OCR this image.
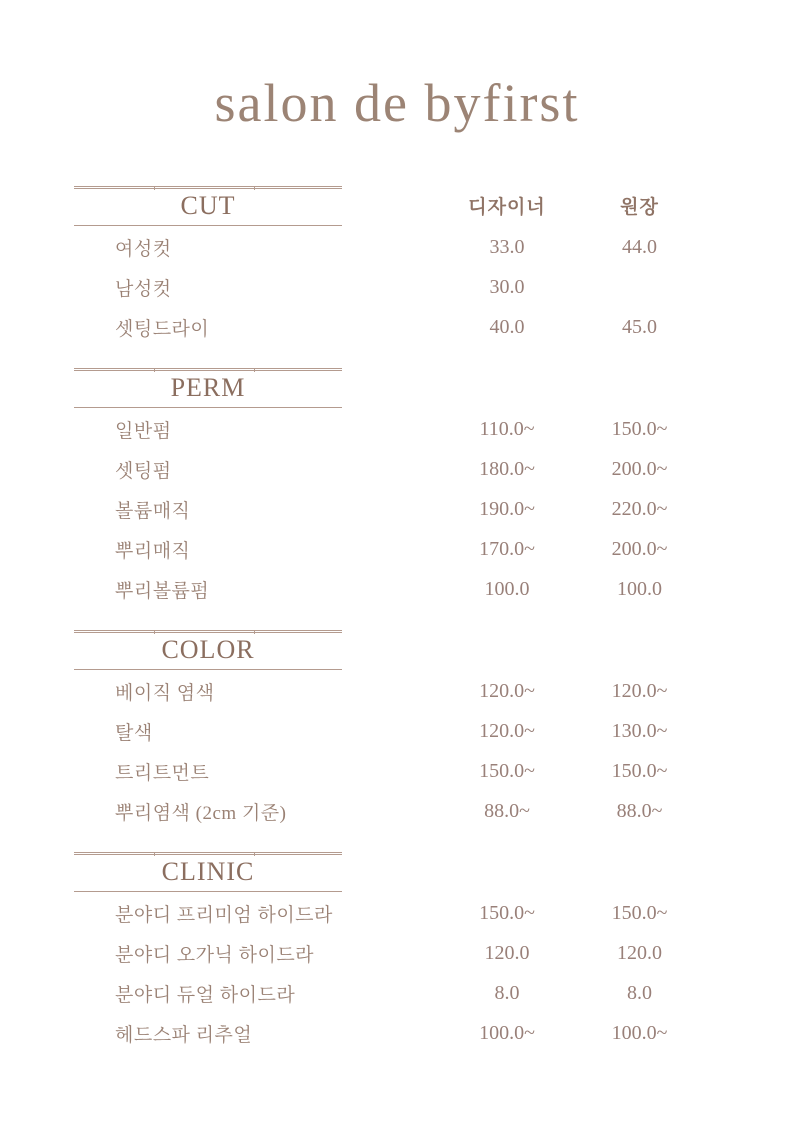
salon de byfirst
CUT	디자이너	원장
여성컷	33.0	44.0
남성컷	30.0
셋팅드라이	40.0	45.0
PERM
일반펌	110.0~	150.0~
셋팅펌	180.0~	200.0~
볼륨매직	190.0~	220.0~
뿌리매직	170.0~	200.0~
뿌리볼륨펌	100.0	100.0
COLOR
베이직 염색	120.0~	120.0~
탈색	120.0~	130.0~
트리트먼트	150.0~	150.0~
뿌리염색 (2cm 기준)	88.0~	88.0~
CLINIC
분야디 프리미엄 하이드라	150.0~	150.0~
분야디 오가닉 하이드라	120.0	120.0
분야디 듀얼 하이드라	8.0	8.0
헤드스파 리추얼	100.0~	100.0~
